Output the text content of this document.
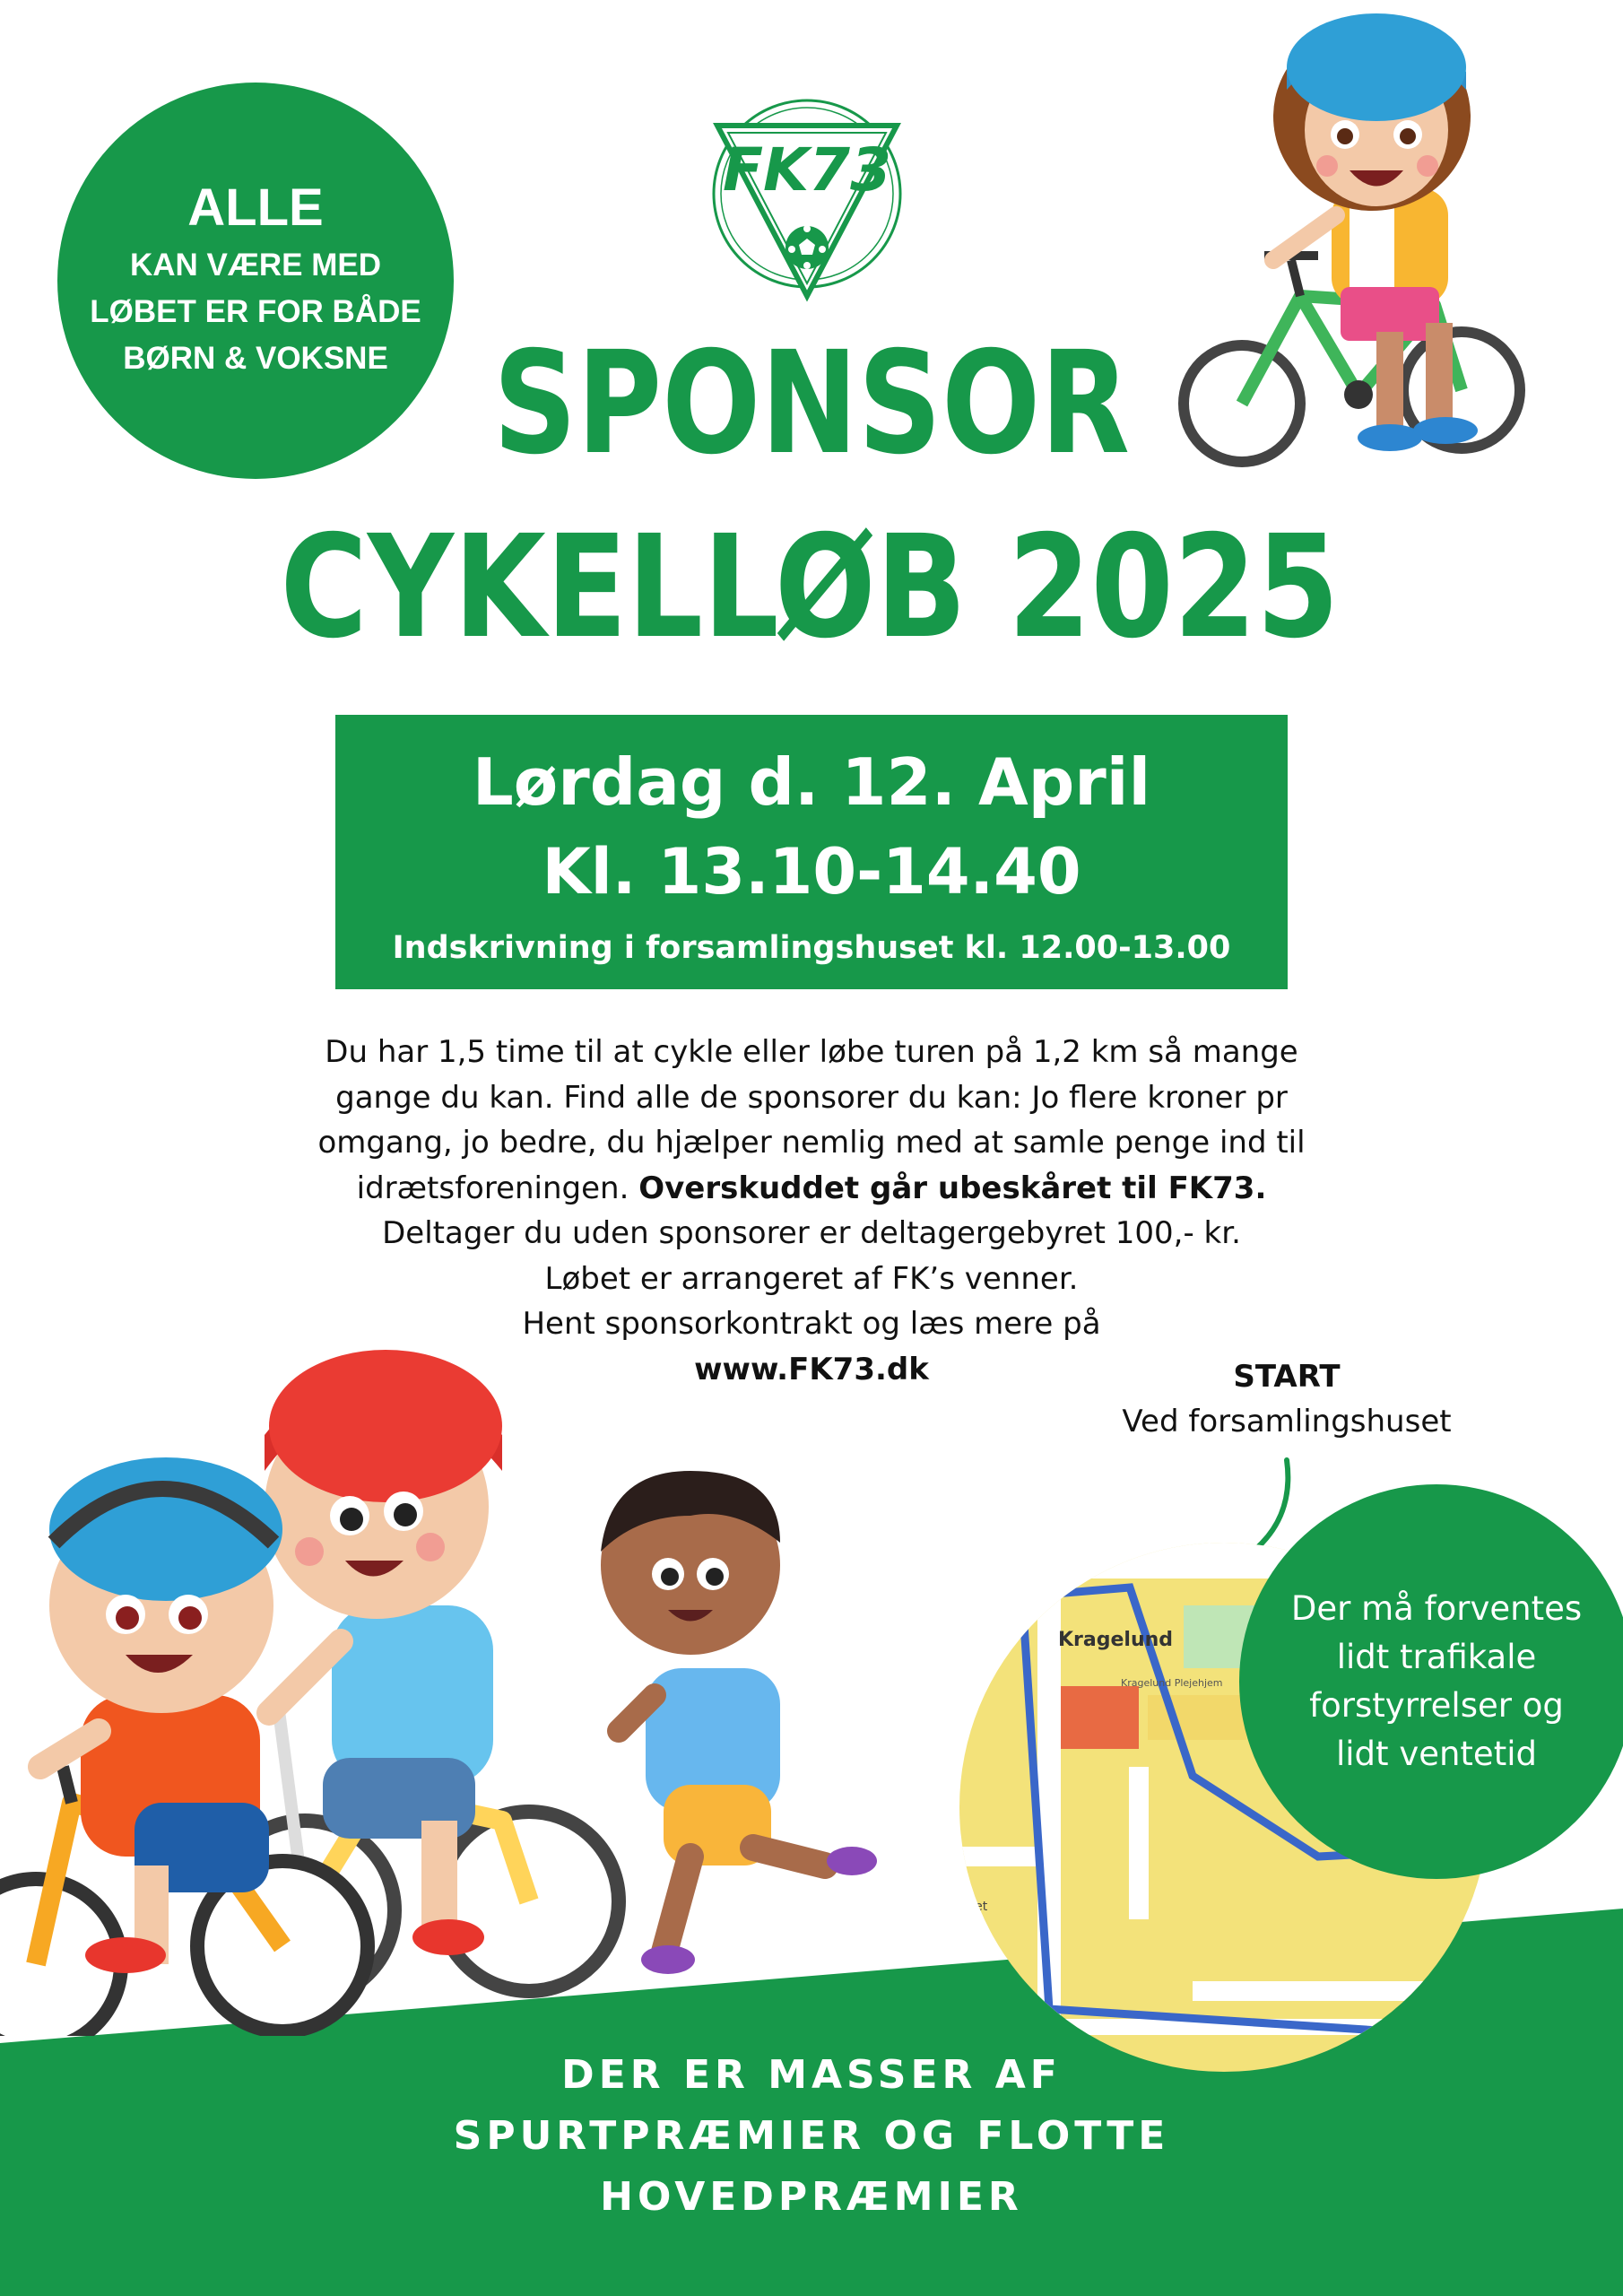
ALLE
KAN VÆRE MED
LØBET ER FOR BÅDE
BØRN & VOKSNE
FK73
SPONSOR
CYKELLØB 2025
Lørdag d. 12. April
Kl. 13.10-14.40
Indskrivning i forsamlingshuset kl. 12.00-13.00

Du har 1,5 time til at cykle eller løbe turen på 1,2 km så mange

gange du kan. Find alle de sponsorer du kan: Jo flere kroner pr

omgang, jo bedre, du hjælper nemlig med at samle penge ind til

idrætsforeningen. Overskuddet går ubeskåret til FK73.

Deltager du uden sponsorer er deltagergebyret 100,- kr.

Løbet er arrangeret af FK’s venner.

Hent sponsorkontrakt og læs mere på

www.FK73.dk	START
Ved forsamlingshuset
Kragelund
Kragelund Plejehjem
vget
Der må forventes
lidt trafikale
forstyrrelser og
lidt ventetid
DER ER MASSER AF
SPURTPRÆMIER OG FLOTTE
HOVEDPRÆMIER
